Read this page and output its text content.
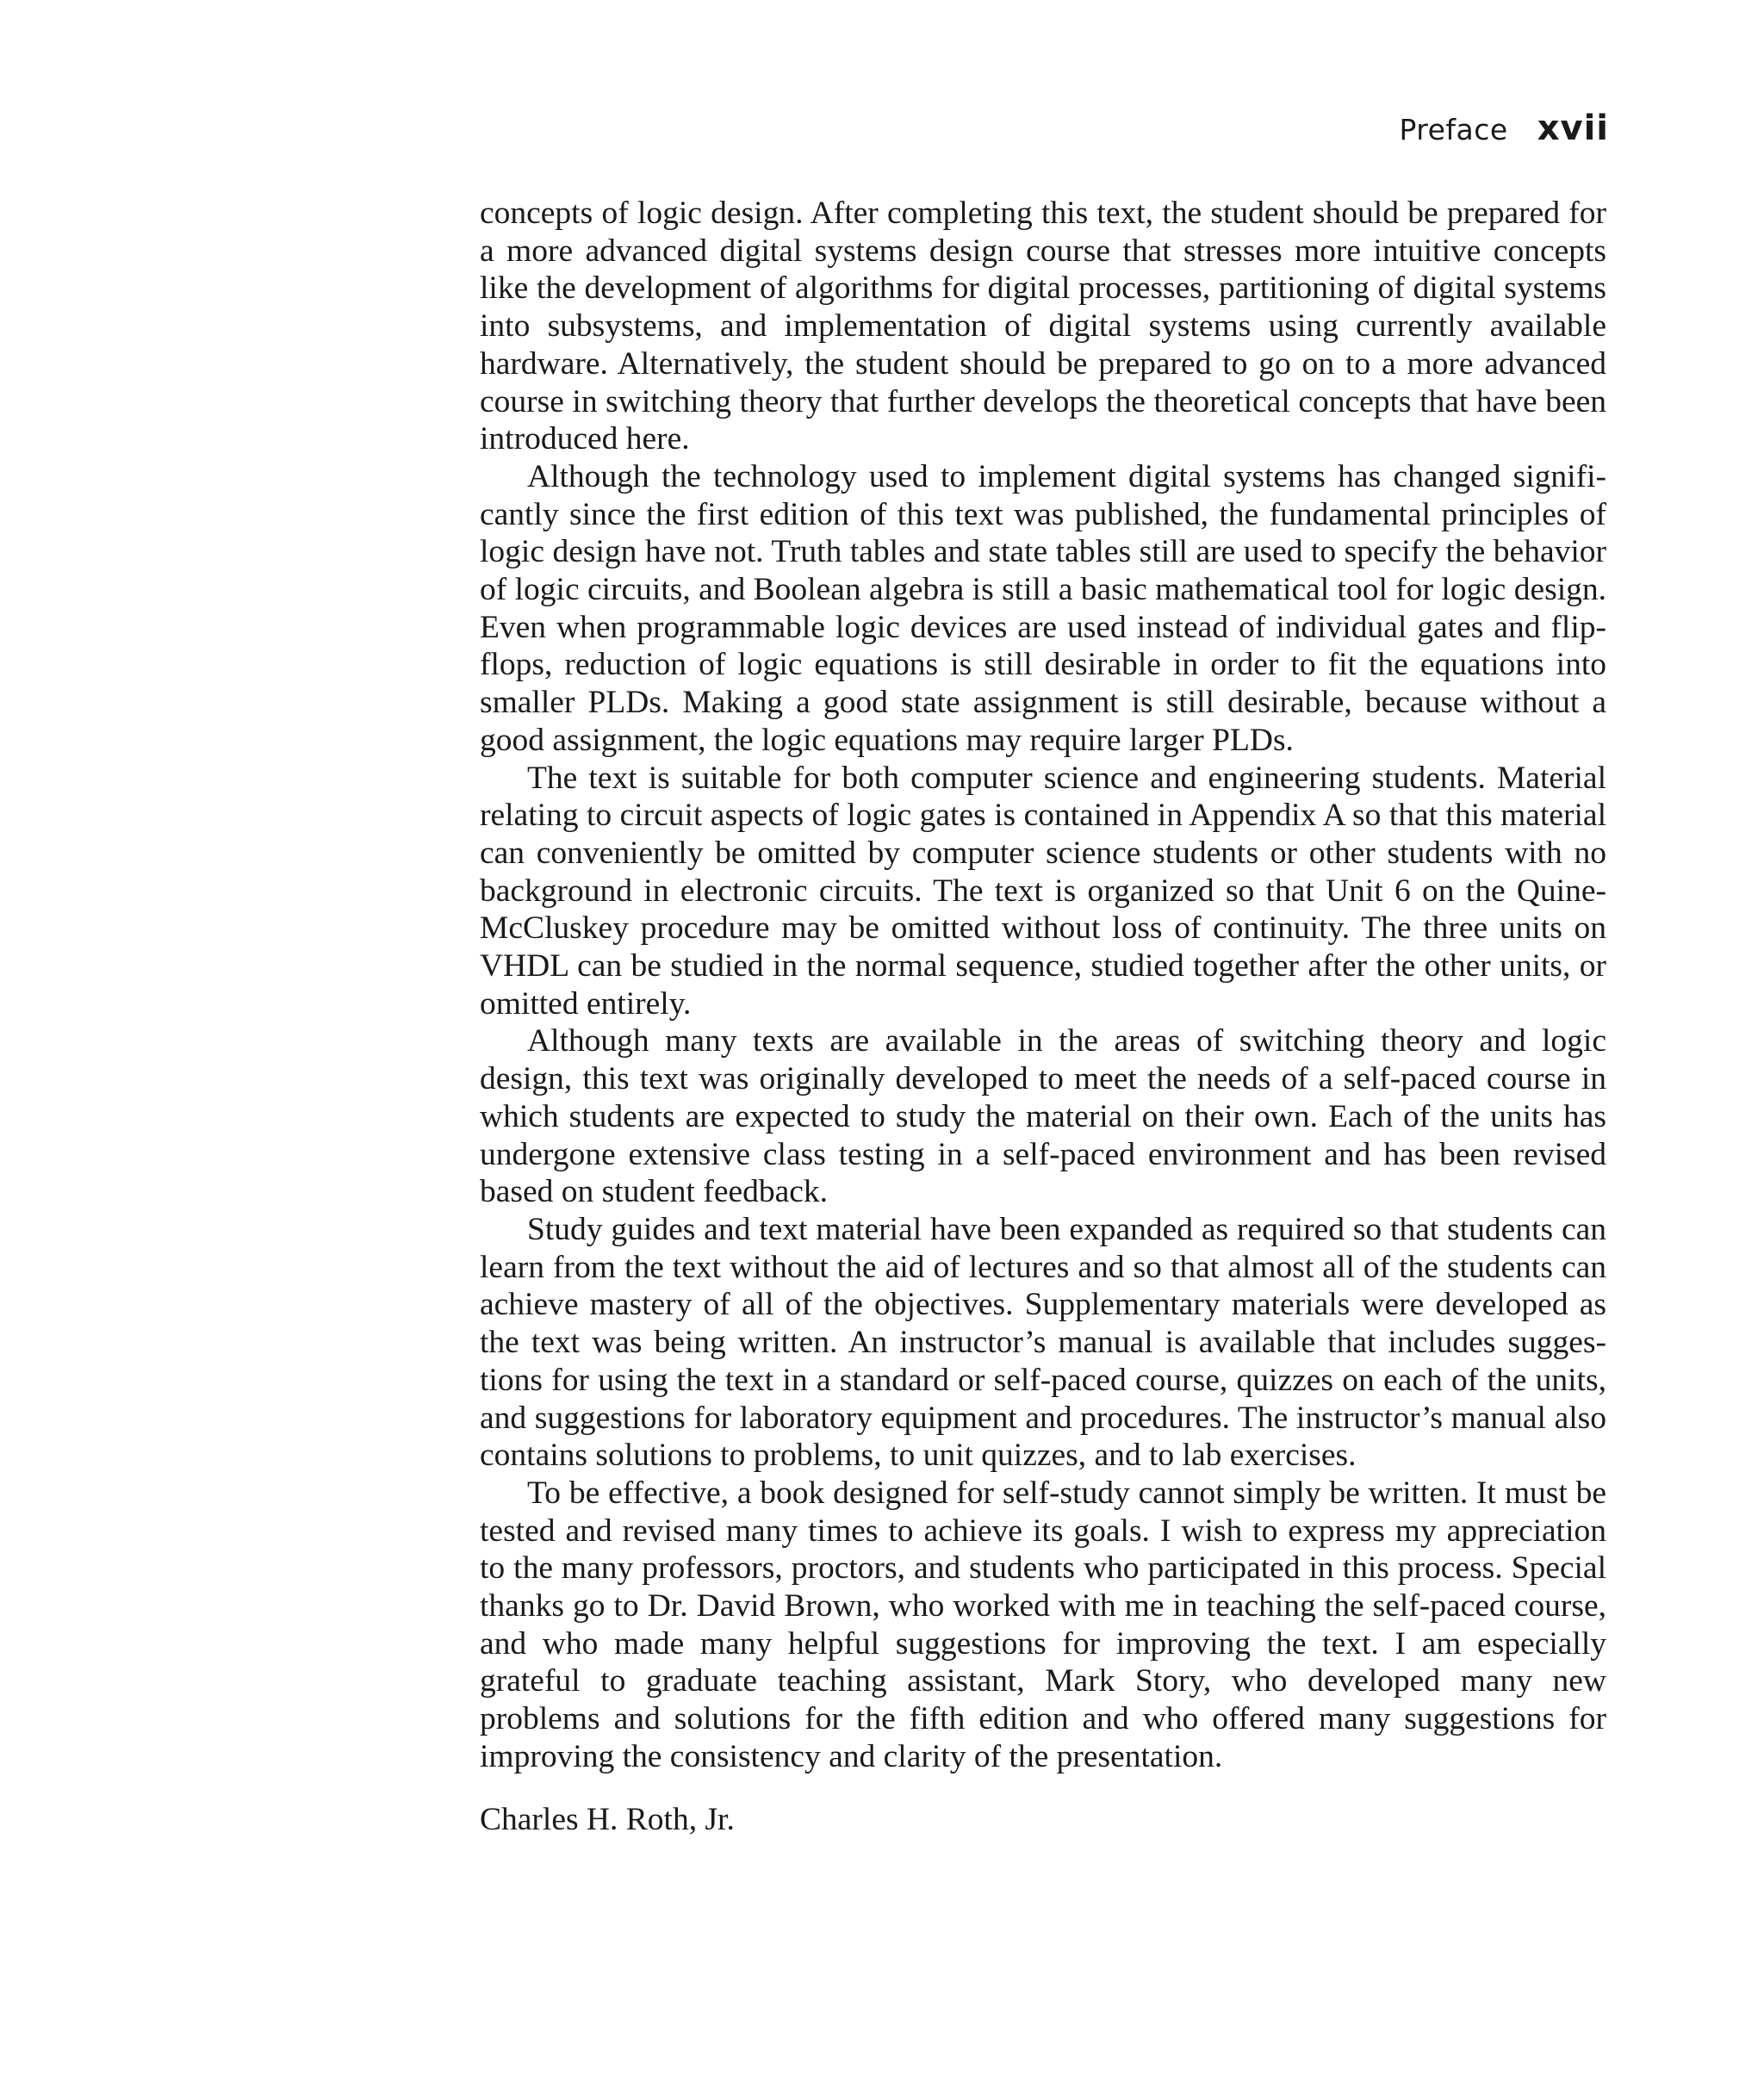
Preface xvii

concepts of logic design. After completing this text, the student should be prepared for a more advanced digital systems design course that stresses more intuitive concepts like the development of algorithms for digital processes, partitioning of digital systems into subsystems, and implementation of digital systems using currently available hardware. Alternatively, the student should be prepared to go on to a more advanced course in switching theory that further develops the theoretical concepts that have been introduced here.

Although the technology used to implement digital systems has changed significantly since the first edition of this text was published, the fundamental principles of logic design have not. Truth tables and state tables still are used to specify the behavior of logic circuits, and Boolean algebra is still a basic mathematical tool for logic design. Even when programmable logic devices are used instead of individual gates and flip-flops, reduction of logic equations is still desirable in order to fit the equations into smaller PLDs. Making a good state assignment is still desirable, because without a good assignment, the logic equations may require larger PLDs.

The text is suitable for both computer science and engineering students. Material relating to circuit aspects of logic gates is contained in Appendix A so that this material can conveniently be omitted by computer science students or other students with no background in electronic circuits. The text is organized so that Unit 6 on the Quine-McCluskey procedure may be omitted without loss of continuity. The three units on VHDL can be studied in the normal sequence, studied together after the other units, or omitted entirely.

Although many texts are available in the areas of switching theory and logic design, this text was originally developed to meet the needs of a self-paced course in which students are expected to study the material on their own. Each of the units has undergone extensive class testing in a self-paced environment and has been revised based on student feedback.

Study guides and text material have been expanded as required so that students can learn from the text without the aid of lectures and so that almost all of the students can achieve mastery of all of the objectives. Supplementary materials were developed as the text was being written. An instructor’s manual is available that includes suggestions for using the text in a standard or self-paced course, quizzes on each of the units, and suggestions for laboratory equipment and procedures. The instructor’s manual also contains solutions to problems, to unit quizzes, and to lab exercises.

To be effective, a book designed for self-study cannot simply be written. It must be tested and revised many times to achieve its goals. I wish to express my appreciation to the many professors, proctors, and students who participated in this process. Special thanks go to Dr. David Brown, who worked with me in teaching the self-paced course, and who made many helpful suggestions for improving the text. I am especially grateful to graduate teaching assistant, Mark Story, who developed many new problems and solutions for the fifth edition and who offered many suggestions for improving the consistency and clarity of the presentation.

Charles H. Roth, Jr.
